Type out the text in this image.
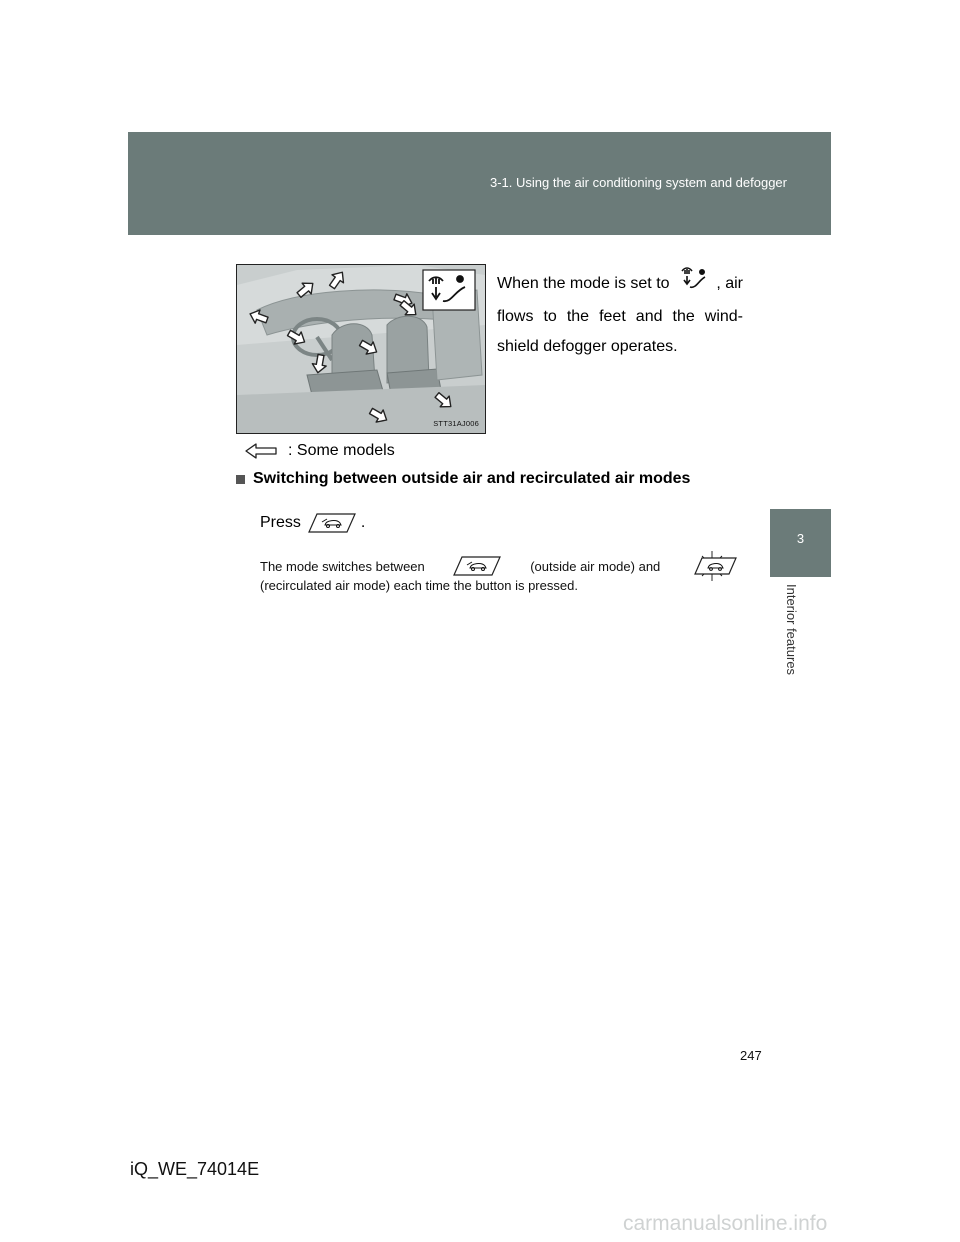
3-1. Using the air conditioning system and defogger
3
Interior features
STT31AJ006
When the mode is set to	, air
flows to the feet and the wind-
shield defogger operates.
: Some models
Switching between outside air and recirculated air modes
Press	.
The mode switches between	(outside air mode) and
(recirculated air mode) each time the button is pressed.
247
iQ_WE_74014E
carmanualsonline.info
